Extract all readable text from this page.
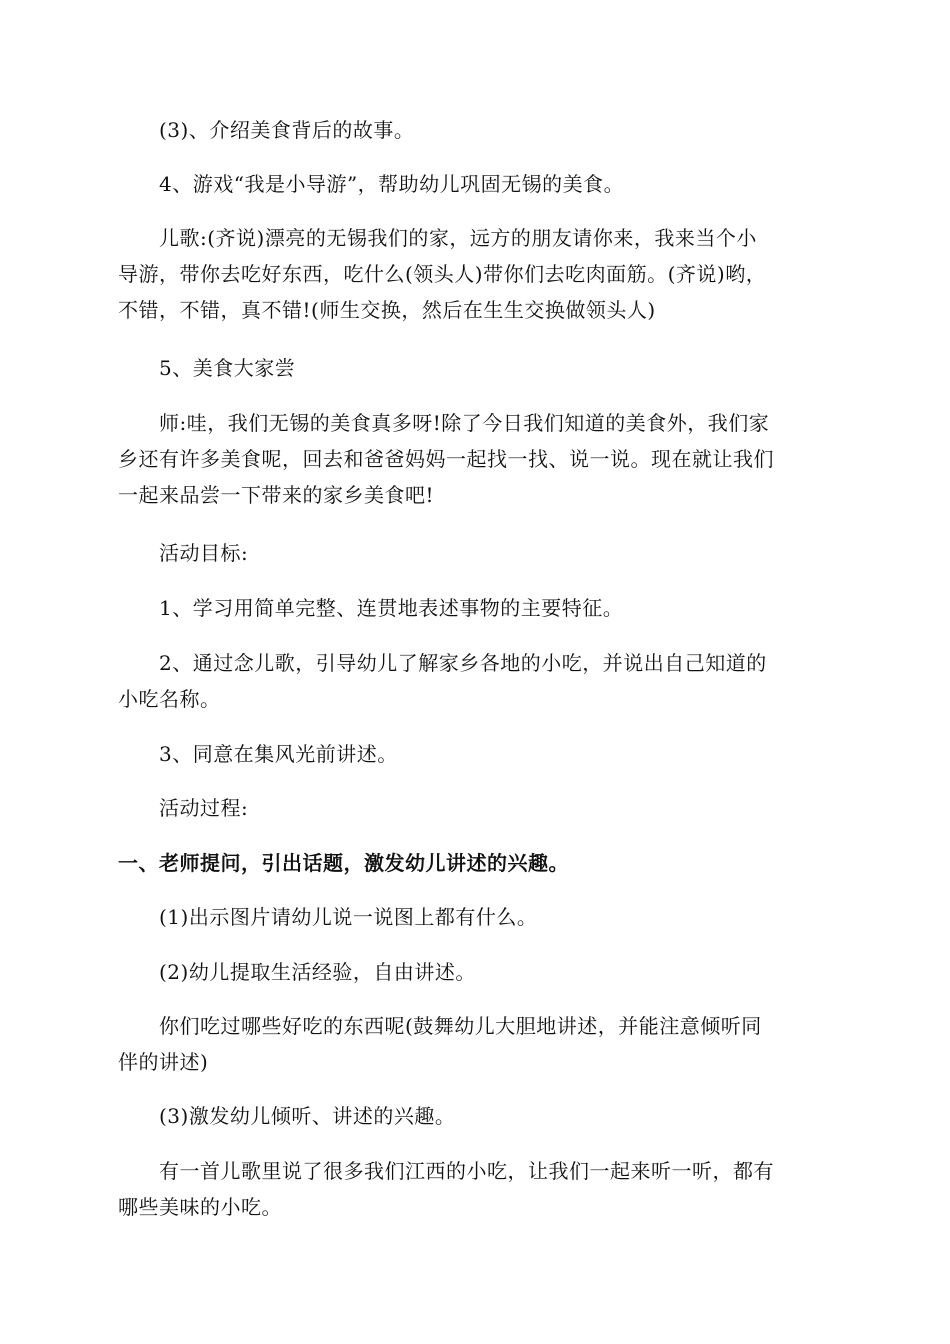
　　(3)、介绍美食背后的故事。
　　4、游戏“我是小导游”，帮助幼儿巩固无锡的美食。
　　儿歌:(齐说)漂亮的无锡我们的家，远方的朋友请你来，我来当个小
导游，带你去吃好东西，吃什么(领头人)带你们去吃肉面筋。(齐说)哟，
不错，不错，真不错!(师生交换，然后在生生交换做领头人)
　　5、美食大家尝
　　师:哇，我们无锡的美食真多呀!除了今日我们知道的美食外，我们家
乡还有许多美食呢，回去和爸爸妈妈一起找一找、说一说。现在就让我们
一起来品尝一下带来的家乡美食吧!
　　活动目标:
　　1、学习用简单完整、连贯地表述事物的主要特征。
　　2、通过念儿歌，引导幼儿了解家乡各地的小吃，并说出自己知道的
小吃名称。
　　3、同意在集风光前讲述。
　　活动过程:
一、老师提问，引出话题，激发幼儿讲述的兴趣。
　　(1)出示图片请幼儿说一说图上都有什么。
　　(2)幼儿提取生活经验，自由讲述。
　　你们吃过哪些好吃的东西呢(鼓舞幼儿大胆地讲述，并能注意倾听同
伴的讲述)
　　(3)激发幼儿倾听、讲述的兴趣。
　　有一首儿歌里说了很多我们江西的小吃，让我们一起来听一听，都有
哪些美味的小吃。
